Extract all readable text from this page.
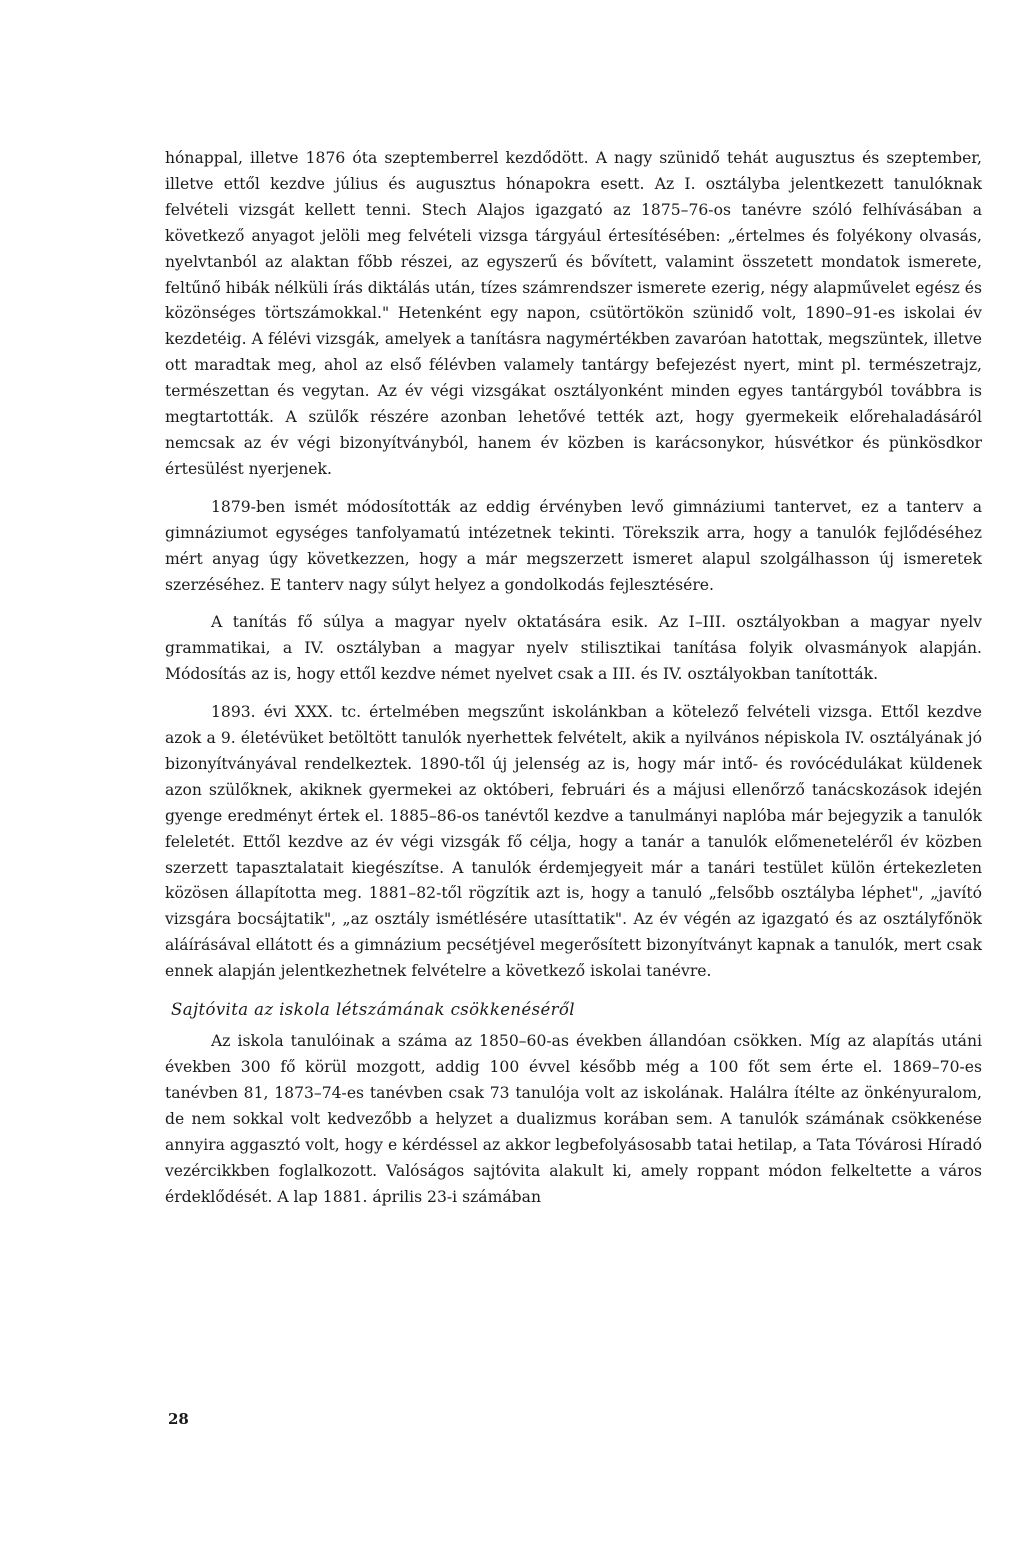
hónappal, illetve 1876 óta szeptemberrel kezdődött. A nagy szünidő tehát augusztus és szeptember, illetve ettől kezdve július és augusztus hónapokra esett. Az I. osztályba jelentkezett tanulóknak felvételi vizsgát kellett tenni. Stech Alajos igazgató az 1875–76-os tanévre szóló felhívásában a következő anyagot jelöli meg felvételi vizsga tárgyául értesítésében: „értelmes és folyékony olvasás, nyelvtanból az alaktan főbb részei, az egyszerű és bővített, valamint összetett mondatok ismerete, feltűnő hibák nélküli írás diktálás után, tízes számrendszer ismerete ezerig, négy alapművelet egész és közönséges törtszámokkal." Hetenként egy napon, csütörtökön szünidő volt, 1890–91-es iskolai év kezdetéig. A félévi vizsgák, amelyek a tanításra nagymértékben zavaróan hatottak, megszüntek, illetve ott maradtak meg, ahol az első félévben valamely tantárgy befejezést nyert, mint pl. természetrajz, természettan és vegytan. Az év végi vizsgákat osztályonként minden egyes tantárgyból továbbra is megtartották. A szülők részére azonban lehetővé tették azt, hogy gyermekeik előrehaladásáról nemcsak az év végi bizonyítványból, hanem év közben is karácsonykor, húsvétkor és pünkösdkor értesülést nyerjenek.

1879-ben ismét módosították az eddig érvényben levő gimnáziumi tantervet, ez a tanterv a gimnáziumot egységes tanfolyamatú intézetnek tekinti. Törekszik arra, hogy a tanulók fejlődéséhez mért anyag úgy következzen, hogy a már megszerzett ismeret alapul szolgálhasson új ismeretek szerzéséhez. E tanterv nagy súlyt helyez a gondolkodás fejlesztésére.

A tanítás fő súlya a magyar nyelv oktatására esik. Az I–III. osztályokban a magyar nyelv grammatikai, a IV. osztályban a magyar nyelv stilisztikai tanítása folyik olvasmányok alapján. Módosítás az is, hogy ettől kezdve német nyelvet csak a III. és IV. osztályokban tanították.

1893. évi XXX. tc. értelmében megszűnt iskolánkban a kötelező felvételi vizsga. Ettől kezdve azok a 9. életévüket betöltött tanulók nyerhettek felvételt, akik a nyilvános népiskola IV. osztályának jó bizonyítványával rendelkeztek. 1890-től új jelenség az is, hogy már intő- és rovócédulákat küldenek azon szülőknek, akiknek gyermekei az októberi, februári és a májusi ellenőrző tanácskozások idején gyenge eredményt értek el. 1885–86-os tanévtől kezdve a tanulmányi naplóba már bejegyzik a tanulók feleletét. Ettől kezdve az év végi vizsgák fő célja, hogy a tanár a tanulók előmeneteléről év közben szerzett tapasztalatait kiegészítse. A tanulók érdemjegyeit már a tanári testület külön értekezleten közösen állapította meg. 1881–82-től rögzítik azt is, hogy a tanuló „felsőbb osztályba léphet", „javító vizsgára bocsájtatik", „az osztály ismétlésére utasíttatik". Az év végén az igazgató és az osztályfőnök aláírásával ellátott és a gimnázium pecsétjével megerősített bizonyítványt kapnak a tanulók, mert csak ennek alapján jelentkezhetnek felvételre a következő iskolai tanévre.

Sajtóvita az iskola létszámának csökkenéséről

Az iskola tanulóinak a száma az 1850–60-as években állandóan csökken. Míg az alapítás utáni években 300 fő körül mozgott, addig 100 évvel később még a 100 főt sem érte el. 1869–70-es tanévben 81, 1873–74-es tanévben csak 73 tanulója volt az iskolának. Halálra ítélte az önkényuralom, de nem sokkal volt kedvezőbb a helyzet a dualizmus korában sem. A tanulók számának csökkenése annyira aggasztó volt, hogy e kérdéssel az akkor legbefolyásosabb tatai hetilap, a Tata Tóvárosi Híradó vezércikkben foglalkozott. Valóságos sajtóvita alakult ki, amely roppant módon felkeltette a város érdeklődését. A lap 1881. április 23-i számában

28
